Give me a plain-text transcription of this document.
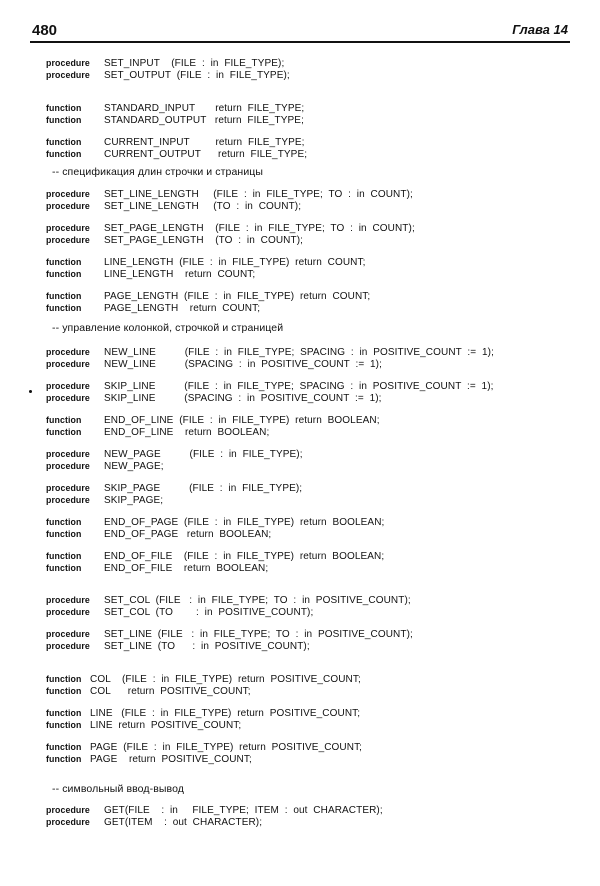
480	Глава 14
procedure SET_INPUT    (FILE  :  in  FILE_TYPE);
procedure SET_OUTPUT  (FILE  :  in  FILE_TYPE);
function STANDARD_INPUT       return  FILE_TYPE;
function STANDARD_OUTPUT   return  FILE_TYPE;
function CURRENT_INPUT         return  FILE_TYPE;
function CURRENT_OUTPUT      return  FILE_TYPE;
-- спецификация длин строчки и страницы
procedure SET_LINE_LENGTH     (FILE  :  in  FILE_TYPE;  TO  :  in  COUNT);
procedure SET_LINE_LENGTH     (TO  :  in  COUNT);
procedure SET_PAGE_LENGTH    (FILE  :  in  FILE_TYPE;  TO  :  in  COUNT);
procedure SET_PAGE_LENGTH    (TO  :  in  COUNT);
function LINE_LENGTH  (FILE  :  in  FILE_TYPE)  return  COUNT;
function LINE_LENGTH    return  COUNT;
function PAGE_LENGTH  (FILE  :  in  FILE_TYPE)  return  COUNT;
function PAGE_LENGTH    return  COUNT;
-- управление колонкой, строчкой и страницей
procedure NEW_LINE          (FILE  :  in  FILE_TYPE;  SPACING  :  in  POSITIVE_COUNT  :=  1);
procedure NEW_LINE          (SPACING  :  in  POSITIVE_COUNT  :=  1);
procedure SKIP_LINE          (FILE  :  in  FILE_TYPE;  SPACING  :  in  POSITIVE_COUNT  :=  1);
procedure SKIP_LINE          (SPACING  :  in  POSITIVE_COUNT  :=  1);
function END_OF_LINE  (FILE  :  in  FILE_TYPE)  return  BOOLEAN;
function END_OF_LINE    return  BOOLEAN;
procedure NEW_PAGE          (FILE  :  in  FILE_TYPE);
procedure NEW_PAGE;
procedure SKIP_PAGE          (FILE  :  in  FILE_TYPE);
procedure SKIP_PAGE;
function END_OF_PAGE  (FILE  :  in  FILE_TYPE)  return  BOOLEAN;
function END_OF_PAGE   return  BOOLEAN;
function END_OF_FILE    (FILE  :  in  FILE_TYPE)  return  BOOLEAN;
function END_OF_FILE    return  BOOLEAN;
procedure SET_COL  (FILE   :  in  FILE_TYPE;  TO  :  in  POSITIVE_COUNT);
procedure SET_COL  (TO        :  in  POSITIVE_COUNT);
procedure SET_LINE  (FILE   :  in  FILE_TYPE;  TO  :  in  POSITIVE_COUNT);
procedure SET_LINE  (TO      :  in  POSITIVE_COUNT);
function COL    (FILE  :  in  FILE_TYPE)  return  POSITIVE_COUNT;
function COL      return  POSITIVE_COUNT;
function LINE   (FILE  :  in  FILE_TYPE)  return  POSITIVE_COUNT;
function LINE  return  POSITIVE_COUNT;
function PAGE  (FILE  :  in  FILE_TYPE)  return  POSITIVE_COUNT;
function PAGE    return  POSITIVE_COUNT;
-- символьный ввод-вывод
procedure GET(FILE    :  in     FILE_TYPE;  ITEM  :  out  CHARACTER);
procedure GET(ITEM    :  out  CHARACTER);
